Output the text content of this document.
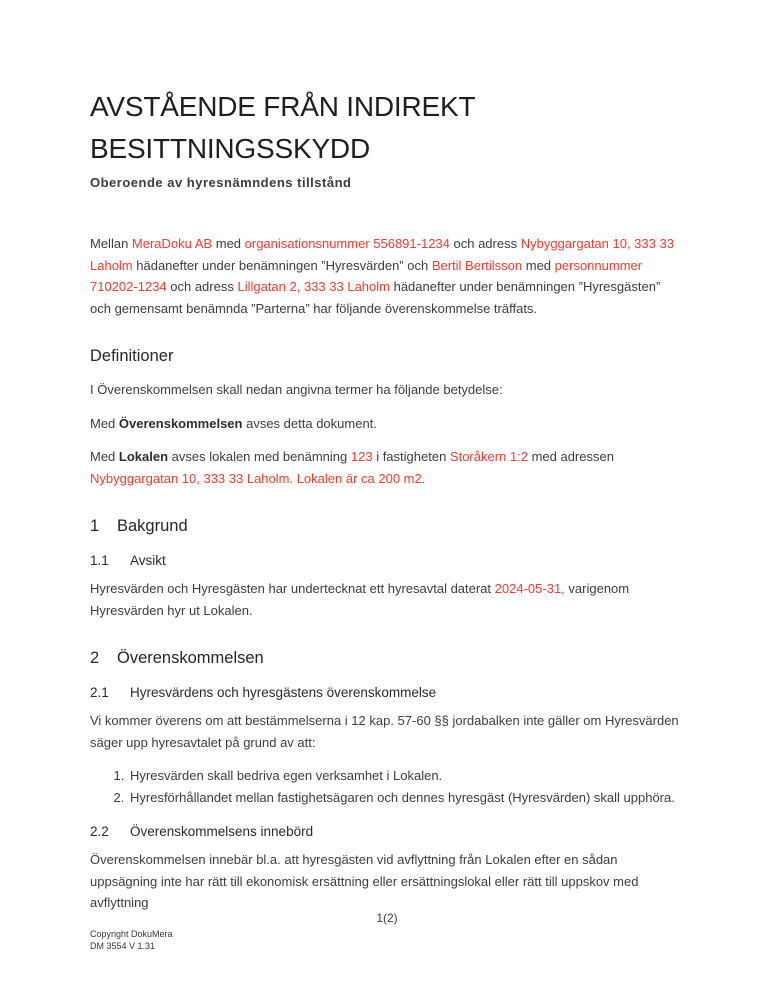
AVSTÅENDE FRÅN INDIREKT BESITTNINGSSKYDD
Oberoende av hyresnämndens tillstånd

Mellan MeraDoku AB med organisationsnummer 556891-1234 och adress Nybyggargatan 10, 333 33 Laholm hädanefter under benämningen ”Hyresvärden” och Bertil Bertilsson med personnummer 710202-1234 och adress Lillgatan 2, 333 33 Laholm hädanefter under benämningen ”Hyresgästen” och gemensamt benämnda ”Parterna” har följande överenskommelse träffats.

Definitioner

I Överenskommelsen skall nedan angivna termer ha följande betydelse:

Med Överenskommelsen avses detta dokument.

Med Lokalen avses lokalen med benämning 123 i fastigheten Storåkern 1:2 med adressen Nybyggargatan 10, 333 33 Laholm. Lokalen är ca 200 m2.

1 Bakgrund
1.1 Avsikt

Hyresvärden och Hyresgästen har undertecknat ett hyresavtal daterat 2024-05-31, varigenom Hyresvärden hyr ut Lokalen.

2 Överenskommelsen
2.1 Hyresvärdens och hyresgästens överenskommelse

Vi kommer överens om att bestämmelserna i 12 kap. 57-60 §§ jordabalken inte gäller om Hyresvärden säger upp hyresavtalet på grund av att:

1. Hyresvärden skall bedriva egen verksamhet i Lokalen.
2. Hyresförhållandet mellan fastighetsägaren och dennes hyresgäst (Hyresvärden) skall upphöra.
2.2 Överenskommelsens innebörd

Överenskommelsen innebär bl.a. att hyresgästen vid avflyttning från Lokalen efter en sådan uppsägning inte har rätt till ekonomisk ersättning eller ersättningslokal eller rätt till uppskov med avflyttning

1(2)
Copyright DokuMera
DM 3554 V 1.31
